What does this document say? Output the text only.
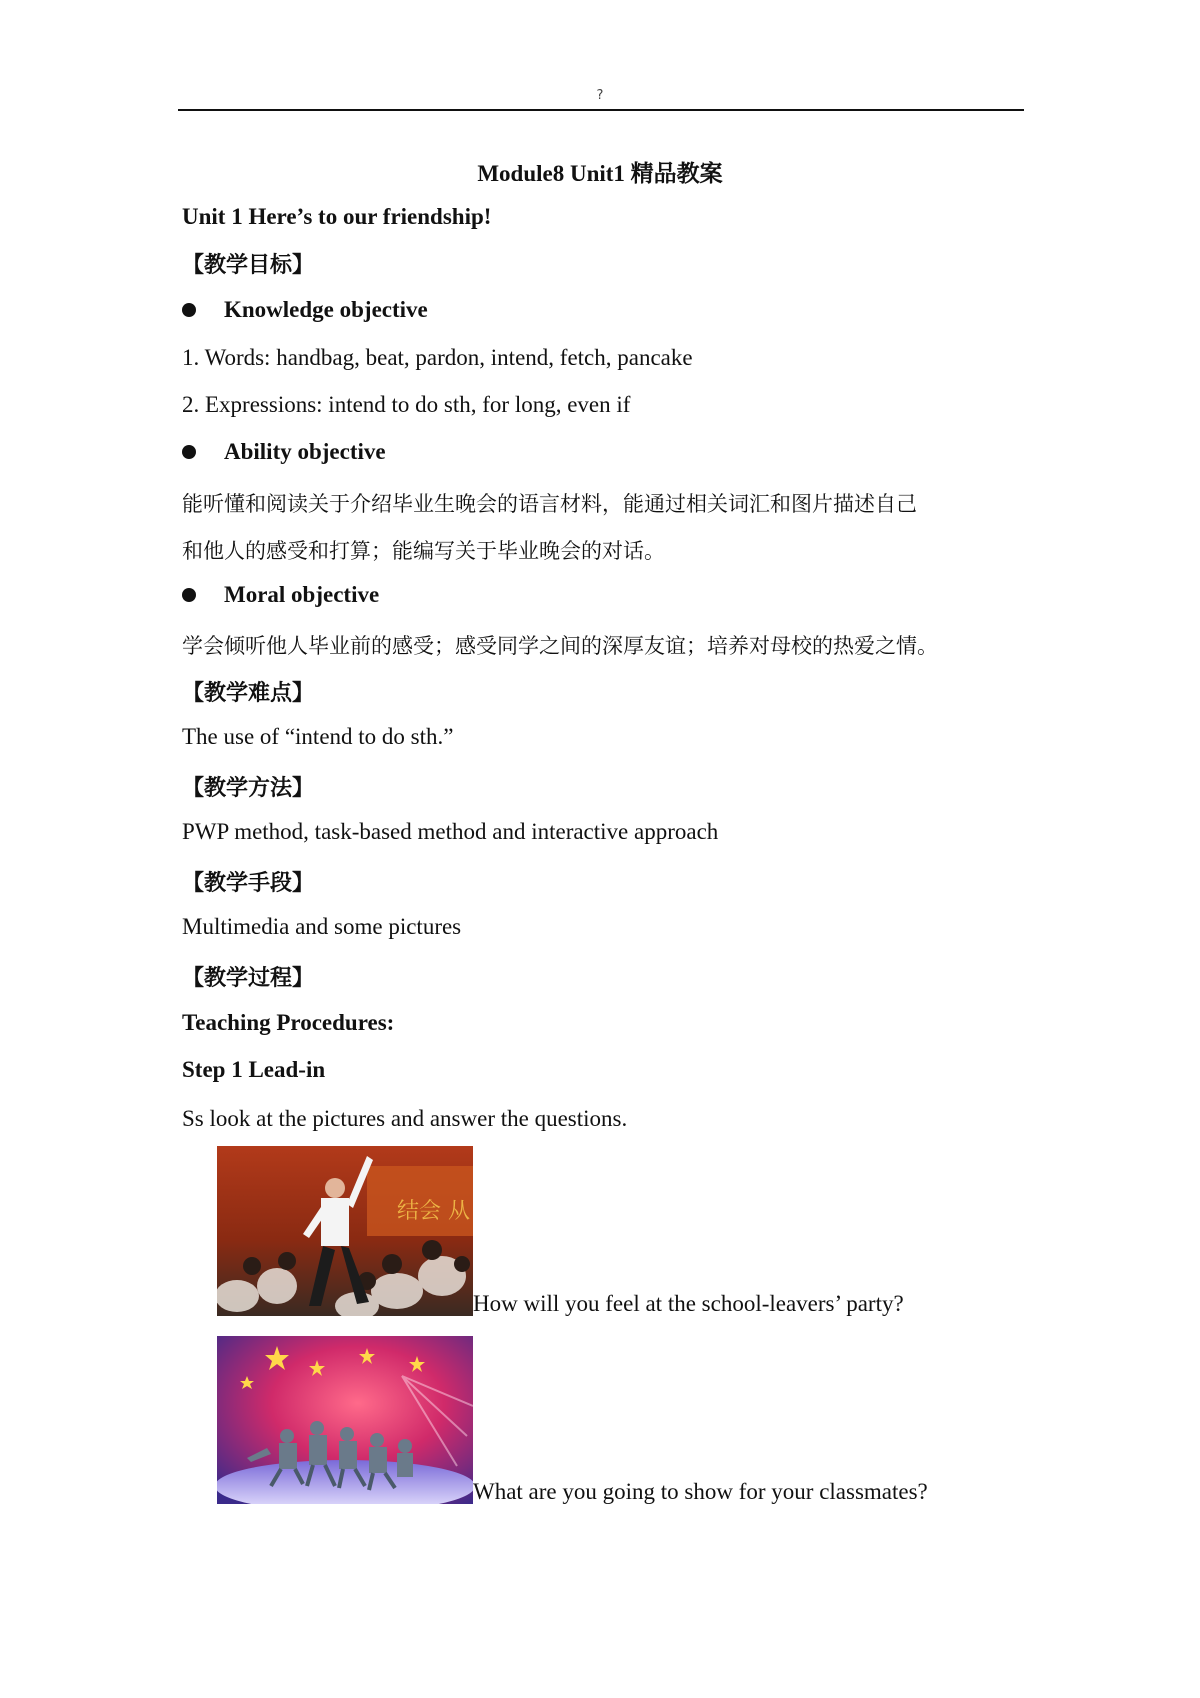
?
Module8 Unit1 精品教案
Unit 1 Here’s to our friendship!
【教学目标】
Knowledge objective
1. Words: handbag, beat, pardon, intend, fetch, pancake
2. Expressions: intend to do sth, for long, even if
Ability objective
能听懂和阅读关于介绍毕业生晚会的语言材料，能通过相关词汇和图片描述自己
和他人的感受和打算；能编写关于毕业晚会的对话。
Moral objective
学会倾听他人毕业前的感受；感受同学之间的深厚友谊；培养对母校的热爱之情。
【教学难点】
The use of “intend to do sth.”
【教学方法】
PWP method, task-based method and interactive approach
【教学手段】
Multimedia and some pictures
【教学过程】
Teaching Procedures:
Step 1 Lead-in
Ss look at the pictures and answer the questions.
结会 从
How will you feel at the school-leavers’ party?
What are you going to show for your classmates?
